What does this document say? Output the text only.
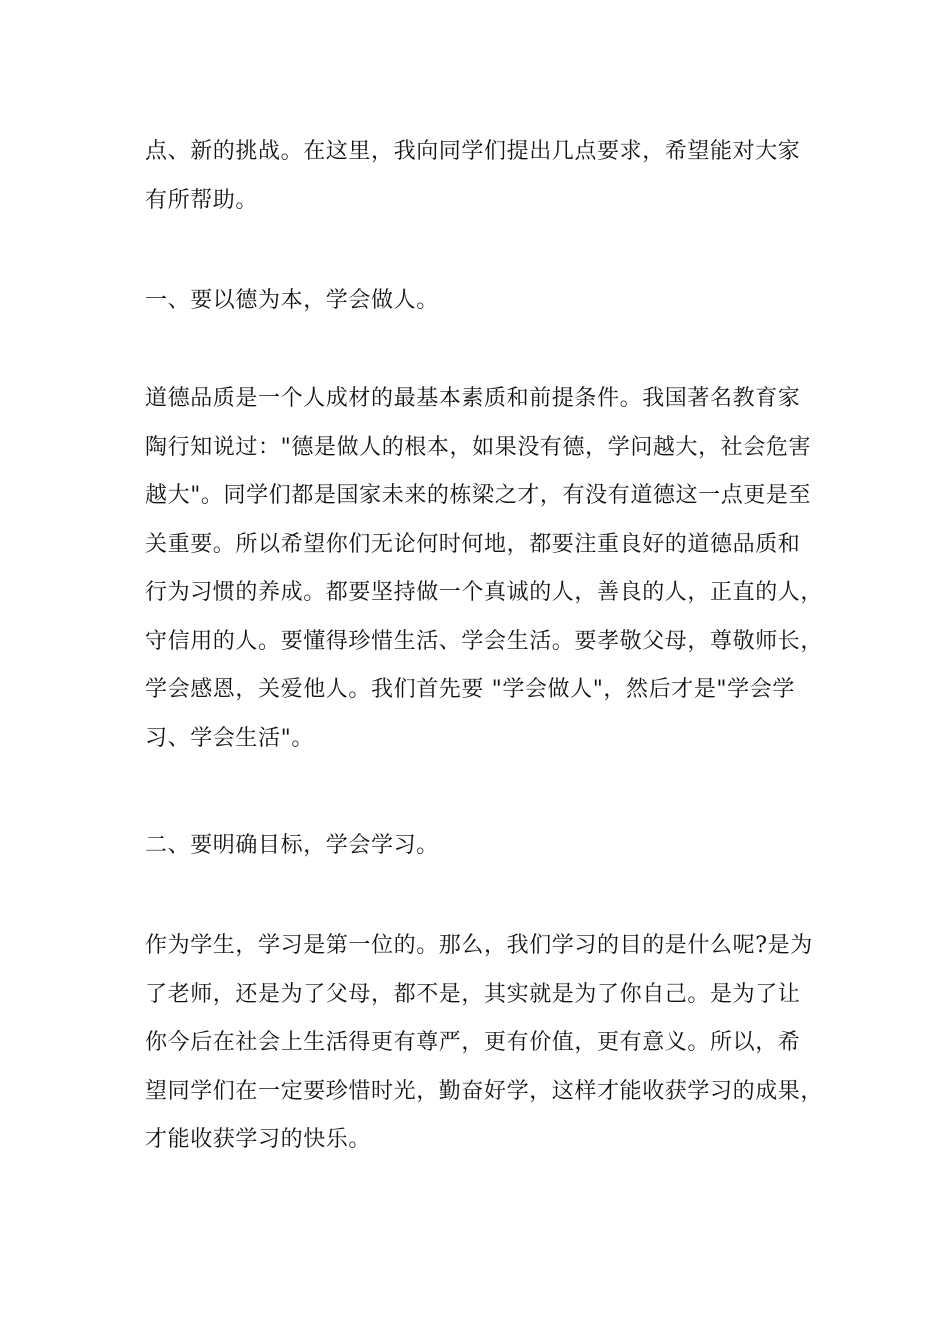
点、新的挑战。在这里，我向同学们提出几点要求，希望能对大家
有所帮助。
一、要以德为本，学会做人。
道德品质是一个人成材的最基本素质和前提条件。我国著名教育家
陶行知说过："德是做人的根本，如果没有德，学问越大，社会危害
越大"。同学们都是国家未来的栋梁之才，有没有道德这一点更是至
关重要。所以希望你们无论何时何地，都要注重良好的道德品质和
行为习惯的养成。都要坚持做一个真诚的人，善良的人，正直的人，
守信用的人。要懂得珍惜生活、学会生活。要孝敬父母，尊敬师长，
学会感恩，关爱他人。我们首先要 "学会做人"，然后才是"学会学
习、学会生活"。
二、要明确目标，学会学习。
作为学生，学习是第一位的。那么，我们学习的目的是什么呢?是为
了老师，还是为了父母，都不是，其实就是为了你自己。是为了让
你今后在社会上生活得更有尊严，更有价值，更有意义。所以，希
望同学们在一定要珍惜时光，勤奋好学，这样才能收获学习的成果，
才能收获学习的快乐。
